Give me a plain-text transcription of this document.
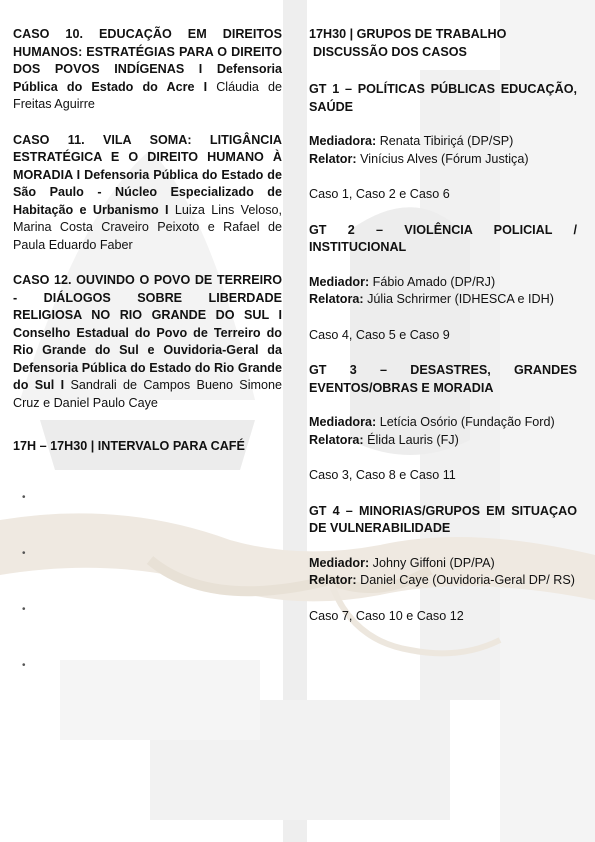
CASO 10. EDUCAÇÃO EM DIREITOS HUMANOS: ESTRATÉGIAS PARA O DIREITO DOS POVOS INDÍGENAS I Defensoria Pública do Estado do Acre I Cláudia de Freitas Aguirre
CASO 11. VILA SOMA: LITIGÂNCIA ESTRATÉGICA E O DIREITO HUMANO À MORADIA I Defensoria Pública do Estado de São Paulo - Núcleo Especializado de Habitação e Urbanismo I Luiza Lins Veloso, Marina Costa Craveiro Peixoto e Rafael de Paula Eduardo Faber
CASO 12. OUVINDO O POVO DE TERREIRO - DIÁLOGOS SOBRE LIBERDADE RELIGIOSA NO RIO GRANDE DO SUL I Conselho Estadual do Povo de Terreiro do Rio Grande do Sul e Ouvidoria-Geral da Defensoria Pública do Estado do Rio Grande do Sul I Sandrali de Campos Bueno Simone Cruz e Daniel Paulo Caye
17H – 17H30 | INTERVALO PARA CAFÉ
•
•
•
•
17H30 | GRUPOS DE TRABALHO
DISCUSSÃO DOS CASOS
GT 1 – POLÍTICAS PÚBLICAS EDUCAÇÃO, SAÚDE
Mediadora: Renata Tibiriçá (DP/SP)
Relator: Vinícius Alves (Fórum Justiça)
Caso 1, Caso 2 e Caso 6
GT 2 – VIOLÊNCIA POLICIAL / INSTITUCIONAL
Mediador: Fábio Amado (DP/RJ)
Relatora: Júlia Schrirmer (IDHESCA e IDH)
Caso 4, Caso 5 e Caso 9
GT 3 – DESASTRES, GRANDES EVENTOS/OBRAS E MORADIA
Mediadora: Letícia Osório (Fundação Ford)
Relatora: Élida Lauris (FJ)
Caso 3, Caso 8 e Caso 11
GT 4 – MINORIAS/GRUPOS EM SITUAÇAO DE VULNERABILIDADE
Mediador: Johny Giffoni (DP/PA)
Relator: Daniel Caye (Ouvidoria-Geral DP/ RS)
Caso 7, Caso 10 e Caso 12
